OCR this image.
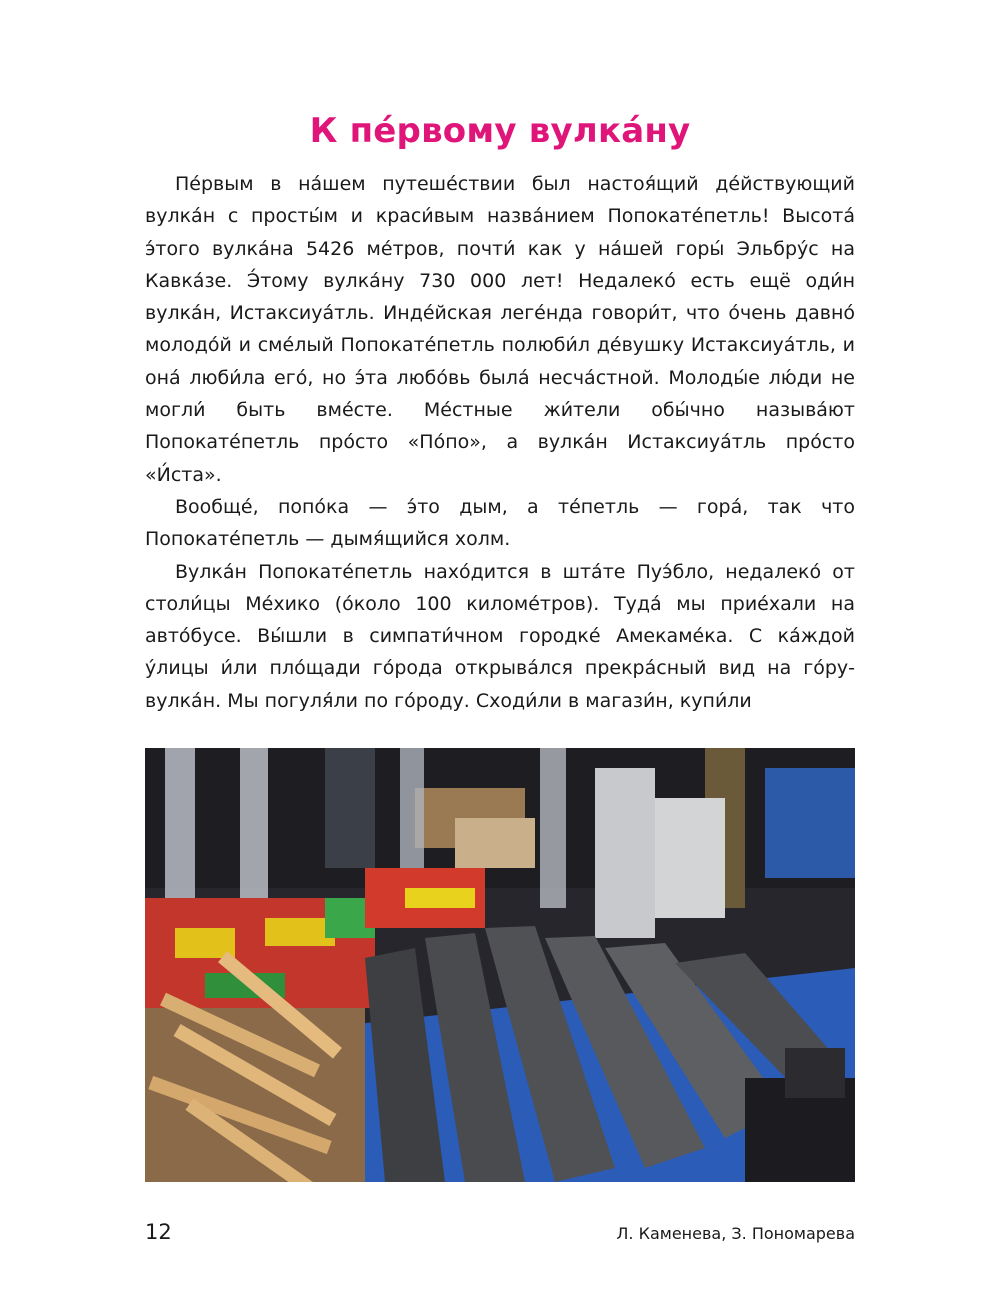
К пе́рвому вулка́ну

Пе́рвым в на́шем путеше́ствии был настоя́щий де́йствующий вулка́н с просты́м и краси́вым назва́нием Попокате́петль! Высота́ э́того вулка́на 5426 ме́тров, почти́ как у на́шей горы́ Эльбру́с на Кавка́зе. Э́тому вулка́ну 730 000 лет! Недалеко́ есть ещё оди́н вулка́н, Истаксиуа́тль. Инде́йская леге́нда говори́т, что о́чень давно́ молодо́й и сме́лый Попокате́петль полюби́л де́вушку Истаксиуа́тль, и она́ люби́ла его́, но э́та любо́вь была́ несча́стной. Молоды́е лю́ди не могли́ быть вме́сте. Ме́стные жи́тели обы́чно называ́ют Попокате́петль про́сто «По́по», а вулка́н Истаксиуа́тль про́сто «И́ста».

Вообще́, попо́ка — э́то дым, а те́петль — гора́, так что Попокате́петль — дымя́щийся холм.

Вулка́н Попокате́петль нахо́дится в шта́те Пуэ́бло, недалеко́ от столи́цы Ме́хико (о́коло 100 киломе́тров). Туда́ мы прие́хали на авто́бусе. Вы́шли в симпати́чном городке́ Амекаме́ка. С ка́ждой у́лицы и́ли пло́щади го́рода открыва́лся прекра́сный вид на го́ру-вулка́н. Мы погуля́ли по го́роду. Сходи́ли в магази́н, купи́ли

12	Л. Каменева, З. Пономарева
